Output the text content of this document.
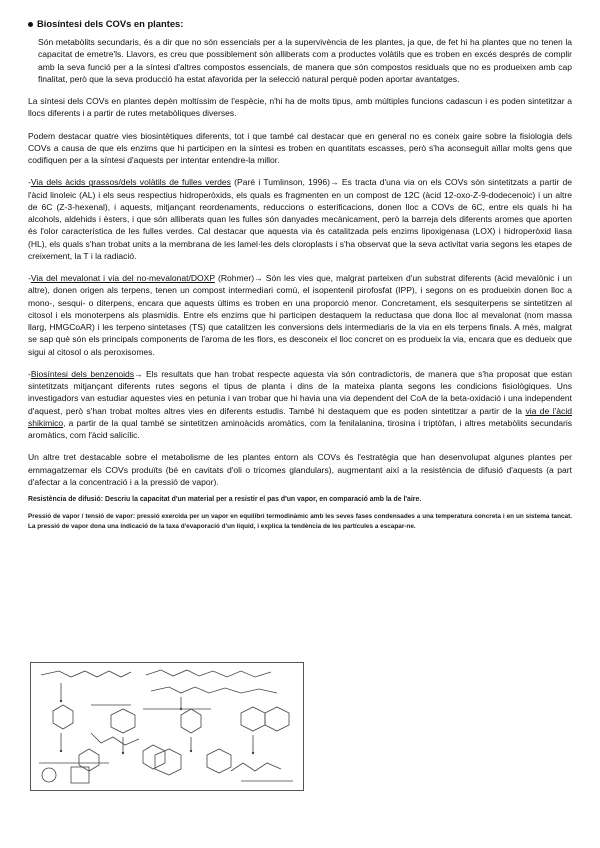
Biosíntesi dels COVs en plantes:

Són metabòlits secundaris, és a dir que no són essencials per a la supervivència de les plantes, ja que, de fet hi ha plantes que no tenen la capacitat de emetre'ls. Llavors, es creu que possiblement són alliberats com a productes volàtils que es troben en excés després de complir amb la seva funció per a la síntesi d'altres compostos essencials, de manera que són compostos residuals que no es produeixen amb cap finalitat, però que la seva producció ha estat afavorida per la selecció natural perquè poden aportar avantatges.

La síntesi dels COVs en plantes depèn moltíssim de l'espècie, n'hi ha de molts tipus, amb múltiples funcions cadascun i es poden sintetitzar a llocs diferents i a partir de rutes metabòliques diverses.

Podem destacar quatre vies biosintètiques diferents, tot i que també cal destacar que en general no es coneix gaire sobre la fisiologia dels COVs a causa de que els enzims que hi participen en la síntesi es troben en quantitats escasses, però s'ha aconseguit aïllar molts gens que codifiquen per a la síntesi d'aquests per intentar entendre-la millor.

-Via dels àcids grassos/dels volàtils de fulles verdes (Paré i Tumlinson, 1996)→ Es tracta d'una via on els COVs són sintetitzats a partir de l'àcid linoleic (AL) i els seus respectius hidroperòxids, els quals es fragmenten en un compost de 12C (àcid 12-oxo-Z-9-dodecenoic) i un altre de 6C (Z-3-hexenal), i aquests, mitjançant reordenaments, reduccions o esterificacions, donen lloc a COVs de 6C, entre els quals hi ha alcohols, aldehids i èsters, i que són alliberats quan les fulles són danyades mecànicament, però la barreja dels diferents aromes que aporten és l'olor característica de les fulles verdes. Cal destacar que aquesta via és catalitzada pels enzims lipoxigenasa (LOX) i hidroperòxid liasa (HL), els quals s'han trobat units a la membrana de les lamel·les dels cloroplasts i s'ha observat que la seva activitat varia segons les etapes de creixement, la T i la radiació.

-Via del mevalonat i via del no-mevalonat/DOXP (Rohmer)→ Són les vies que, malgrat parteixen d'un substrat diferents (àcid mevalònic i un altre), donen origen als terpens, tenen un compost intermediari comú, el isopentenil pirofosfat (IPP), i segons on es produeixin donen lloc a mono-, sesqui- o diterpens, encara que aquests últims es troben en una proporció menor. Concretament, els sesquiterpens se sintetitzen al citosol i els monoterpens als plasmidis. Entre els enzims que hi participen destaquem la reductasa que dona lloc al mevalonat (nom massa llarg, HMGCoAR) i les terpeno sintetases (TS) que catalitzen les conversions dels intermediaris de la via en els terpens finals. A més, malgrat se sap què són els principals components de l'aroma de les flors, es desconeix el lloc concret on es produeix la via, encara que es dedueix que sigui al citosol o als peroxisomes.

-Biosíntesi dels benzenoids→ Els resultats que han trobat respecte aquesta via són contradictoris, de manera que s'ha proposat que estan sintetitzats mitjançant diferents rutes segons el tipus de planta i dins de la mateixa planta segons les condicions fisiològiques. Uns investigadors van estudiar aquestes vies en petunia i van trobar que hi havia una via dependent del CoA de la beta-oxidació i una independent d'aquest, però s'han trobat moltes altres vies en diferents estudis. També hi destaquem que es poden sintetitzar a partir de la via de l'àcid shikimico, a partir de la qual també se sintetitzen aminoàcids aromàtics, com la fenilalanina, tirosina i triptòfan, i altres metabòlits secundaris aromàtics, com l'àcid salicílic.

Un altre tret destacable sobre el metabolisme de les plantes entorn als COVs és l'estratègia que han desenvolupat algunes plantes per emmagatzemar els COVs produïts (bé en cavitats d'oli o tricomes glandulars), augmentant així a la resistència de difusió d'aquests (a part d'afectar a la concentració i a la pressió de vapor).

Resistència de difusió: Descriu la capacitat d'un material per a resistir el pas d'un vapor, en comparació amb la de l'aire.

Pressió de vapor / tensió de vapor: pressió exercida per un vapor en equilibri termodinàmic amb les seves fases condensades a una temperatura concreta i en un sistema tancat. La pressió de vapor dona una indicació de la taxa d'evaporació d'un líquid, i explica la tendència de les partícules a escapar-ne.
